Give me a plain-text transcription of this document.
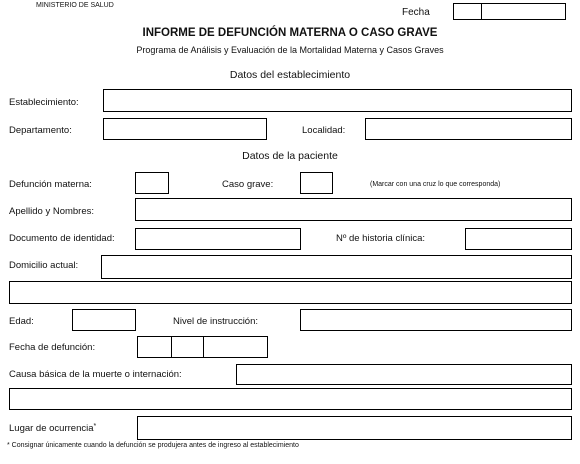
MINISTERIO DE SALUD
Fecha
INFORME DE DEFUNCIÓN MATERNA O CASO GRAVE
Programa de Análisis y Evaluación de la Mortalidad Materna y Casos Graves
Datos del establecimiento
Establecimiento:
Departamento:	Localidad:
Datos de la paciente
Defunción materna:	Caso grave:	(Marcar con una cruz lo que corresponda)
Apellido y Nombres:
Documento de identidad:	Nº de historia clínica:
Domicilio actual:
Edad:	Nivel de instrucción:
Fecha de defunción:
Causa básica de la muerte o internación:
Lugar de ocurrencia*
* Consignar únicamente cuando la defunción se produjera antes de ingreso al establecimiento
